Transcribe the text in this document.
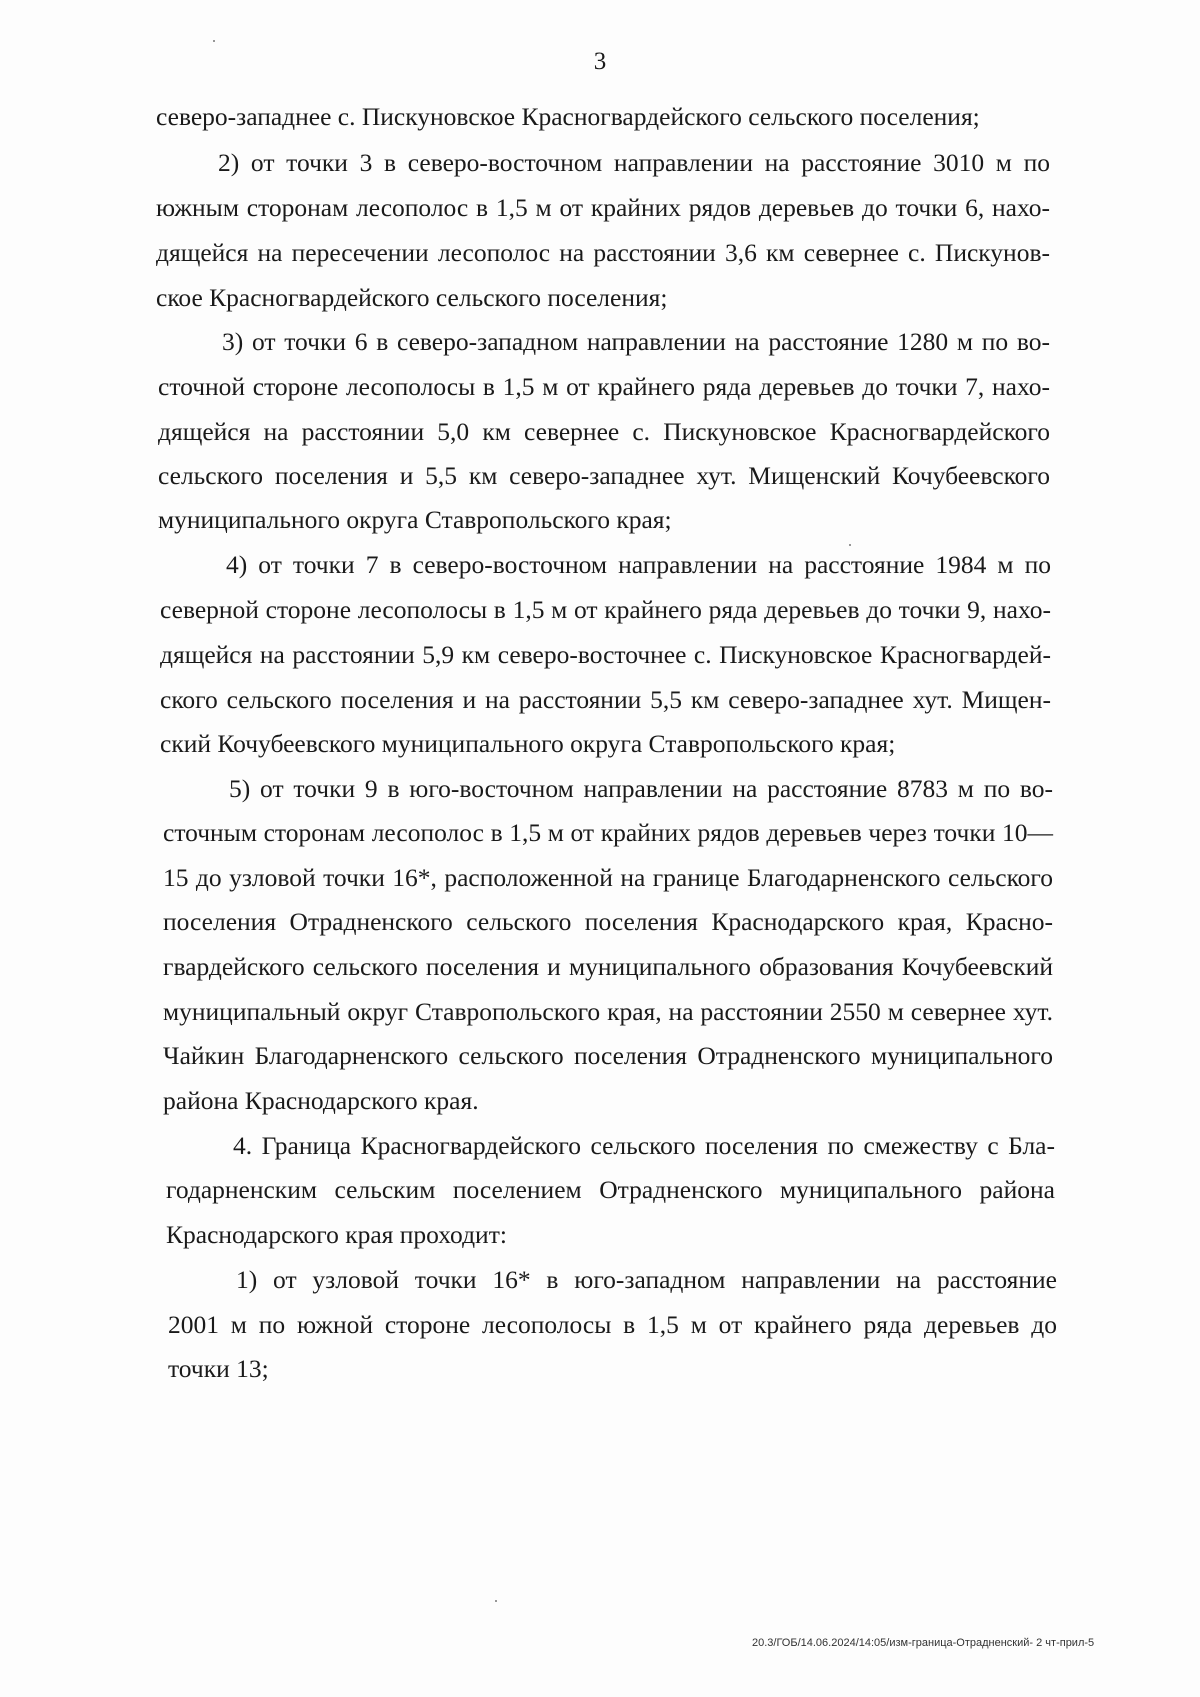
3
северо-западнее с. Пискуновское Красногвардейского сельского поселения;
2) от точки 3 в северо-восточном направлении на расстояние 3010 м по
южным сторонам лесополос в 1,5 м от крайних рядов деревьев до точки 6, нахо-
дящейся на пересечении лесополос на расстоянии 3,6 км севернее с. Пискунов-
ское Красногвардейского сельского поселения;
3) от точки 6 в северо-западном направлении на расстояние 1280 м по во-
сточной стороне лесополосы в 1,5 м от крайнего ряда деревьев до точки 7, нахо-
дящейся на расстоянии 5,0 км севернее с. Пискуновское Красногвардейского
сельского поселения и 5,5 км северо-западнее хут. Мищенский Кочубеевского
муниципального округа Ставропольского края;
4) от точки 7 в северо-восточном направлении на расстояние 1984 м по
северной стороне лесополосы в 1,5 м от крайнего ряда деревьев до точки 9, нахо-
дящейся на расстоянии 5,9 км северо-восточнее с. Пискуновское Красногвардей-
ского сельского поселения и на расстоянии 5,5 км северо-западнее хут. Мищен-
ский Кочубеевского муниципального округа Ставропольского края;
5) от точки 9 в юго-восточном направлении на расстояние 8783 м по во-
сточным сторонам лесополос в 1,5 м от крайних рядов деревьев через точки 10—
15 до узловой точки 16*, расположенной на границе Благодарненского сельского
поселения Отрадненского сельского поселения Краснодарского края, Красно-
гвардейского сельского поселения и муниципального образования Кочубеевский
муниципальный округ Ставропольского края, на расстоянии 2550 м севернее хут.
Чайкин Благодарненского сельского поселения Отрадненского муниципального
района Краснодарского края.
4. Граница Красногвардейского сельского поселения по смежеству с Бла-
годарненским сельским поселением Отрадненского муниципального района
Краснодарского края проходит:
1) от узловой точки 16* в юго-западном направлении на расстояние
2001 м по южной стороне лесополосы в 1,5 м от крайнего ряда деревьев до
точки 13;
20.3/ГОБ/14.06.2024/14:05/изм-граница-Отрадненский- 2 чт-прил-5
